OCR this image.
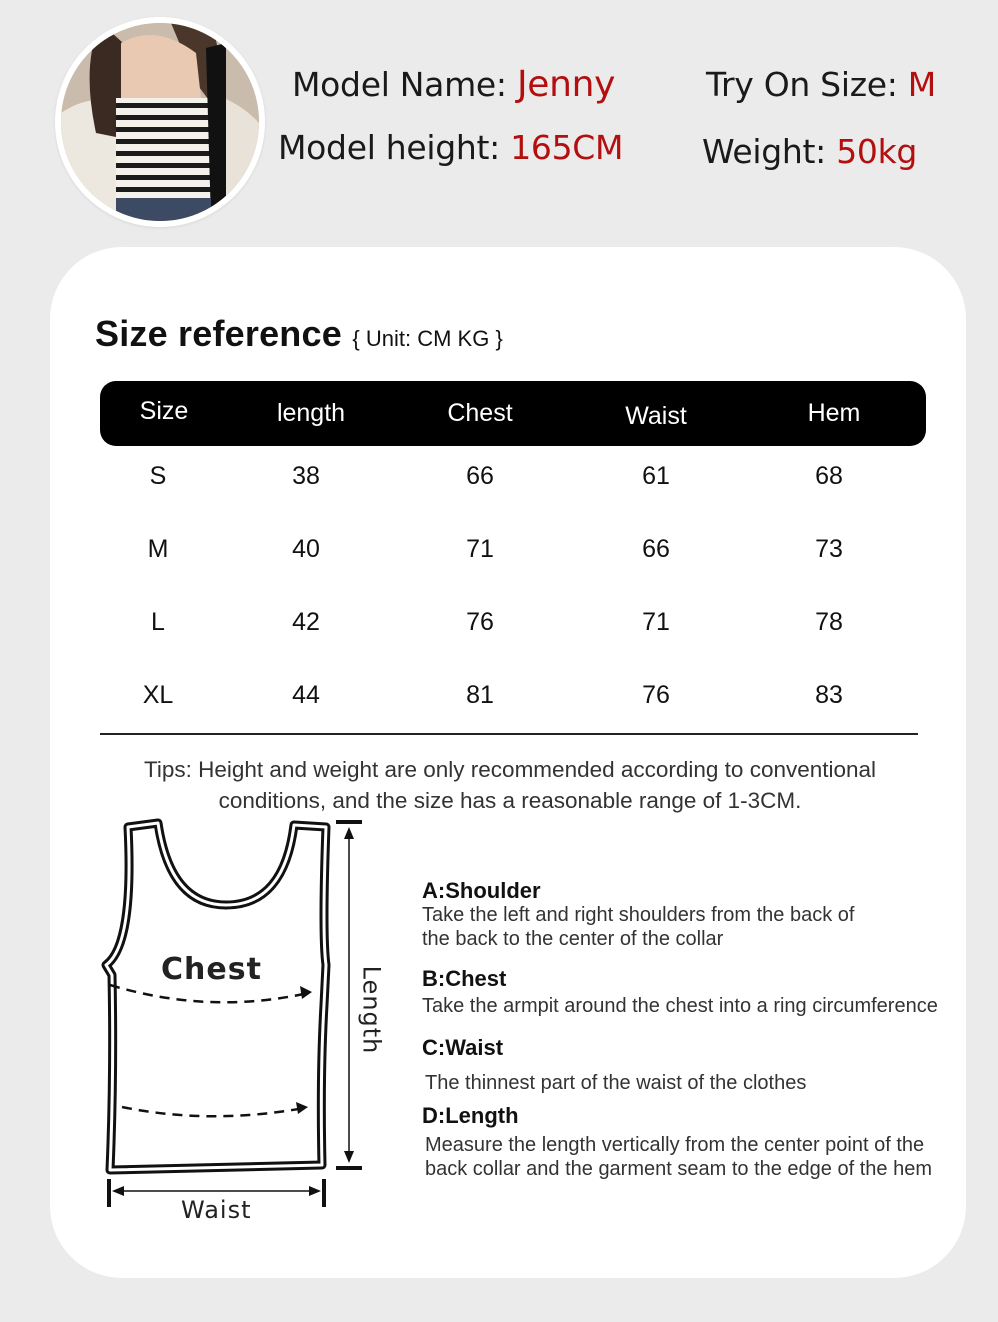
Model Name: Jenny
Model height: 165CM
Try On Size: M
Weight: 50kg
Size reference { Unit: CM KG }
Size	length	Chest	Waist	Hem
S	38	66	61	68
M	40	71	66	73
L	42	76	71	78
XL	44	81	76	83
Tips: Height and weight are only recommended according to conventional
conditions, and the size has a reasonable range of 1-3CM.
Chest
Waist
Length
A:Shoulder
Take the left and right shoulders from the back of
the back to the center of the collar
B:Chest
Take the armpit around the chest into a ring circumference
C:Waist
The thinnest part of the waist of the clothes
D:Length
Measure the length vertically from the center point of the
back collar and the garment seam to the edge of the hem
